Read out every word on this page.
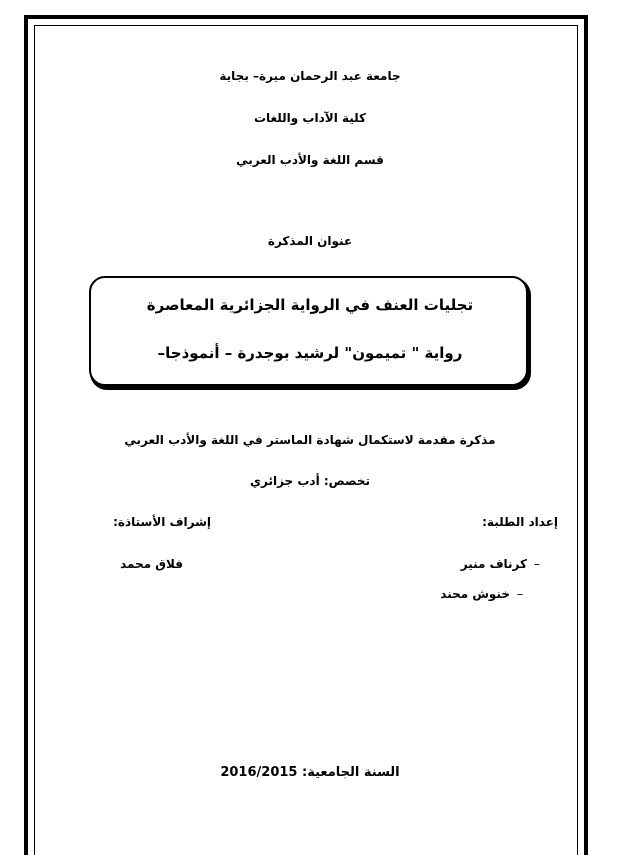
جامعة عبد الرحمان ميرة– بجاية
كلية الآداب واللغات
قسم اللغة والأدب العربي
عنوان المذكرة
تجليات العنف في الرواية الجزائرية المعاصرة
رواية " تميمون" لرشيد بوجدرة – أنموذجا–
مذكرة مقدمة لاستكمال شهادة الماستر في اللغة والأدب العربي
تخصص: أدب جزائري
إعداد الطلبة:
إشراف الأستاذة:
كرناف منير –
فلاق محمد
خنوش محند –
السنة الجامعية: 2016/2015
